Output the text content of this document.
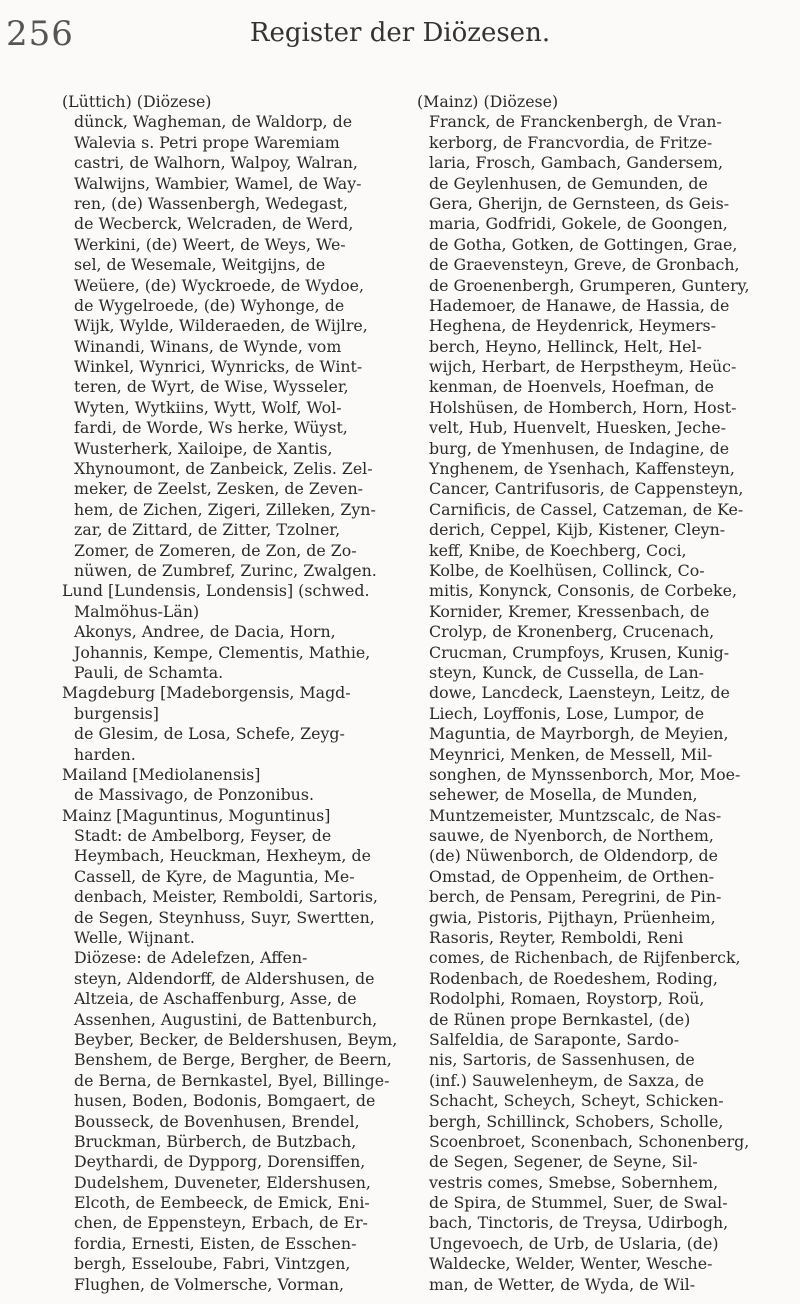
256	Register der Diözesen.
(Lüttich) (Diözese)
dünck, Wagheman, de Waldorp, de
Walevia s. Petri prope Waremiam
castri, de Walhorn, Walpoy, Walran,
Walwijns, Wambier, Wamel, de Way-
ren, (de) Wassenbergh, Wedegast,
de Wecberck, Welcraden, de Werd,
Werkini, (de) Weert, de Weys, We-
sel, de Wesemale, Weitgijns, de
Weüere, (de) Wyckroede, de Wydoe,
de Wygelroede, (de) Wyhonge, de
Wijk, Wylde, Wilderaeden, de Wijlre,
Winandi, Winans, de Wynde, vom
Winkel, Wynrici, Wynricks, de Wint-
teren, de Wyrt, de Wise, Wysseler,
Wyten, Wytkiins, Wytt, Wolf, Wol-
fardi, de Worde, Ws herke, Wüyst,
Wusterherk, Xailoipe, de Xantis,
Xhynoumont, de Zanbeick, Zelis. Zel-
meker, de Zeelst, Zesken, de Zeven-
hem, de Zichen, Zigeri, Zilleken, Zyn-
zar, de Zittard, de Zitter, Tzolner,
Zomer, de Zomeren, de Zon, de Zo-
nüwen, de Zumbref, Zurinc, Zwalgen.
Lund [Lundensis, Londensis] (schwed.
Malmöhus-Län)
Akonys, Andree, de Dacia, Horn,
Johannis, Kempe, Clementis, Mathie,
Pauli, de Schamta.
Magdeburg [Madeborgensis, Magd-
burgensis]
de Glesim, de Losa, Schefe, Zeyg-
harden.
Mailand [Mediolanensis]
de Massivago, de Ponzonibus.
Mainz [Maguntinus, Moguntinus]
Stadt: de Ambelborg, Feyser, de
Heymbach, Heuckman, Hexheym, de
Cassell, de Kyre, de Maguntia, Me-
denbach, Meister, Remboldi, Sartoris,
de Segen, Steynhuss, Suyr, Swertten,
Welle, Wijnant.
Diözese: de Adelefzen, Affen-
steyn, Aldendorff, de Aldershusen, de
Altzeia, de Aschaffenburg, Asse, de
Assenhen, Augustini, de Battenburch,
Beyber, Becker, de Beldershusen, Beym,
Benshem, de Berge, Bergher, de Beern,
de Berna, de Bernkastel, Byel, Billinge-
husen, Boden, Bodonis, Bomgaert, de
Bousseck, de Bovenhusen, Brendel,
Bruckman, Bürberch, de Butzbach,
Deythardi, de Dypporg, Dorensiffen,
Dudelshem, Duveneter, Eldershusen,
Elcoth, de Eembeeck, de Emick, Eni-
chen, de Eppensteyn, Erbach, de Er-
fordia, Ernesti, Eisten, de Esschen-
bergh, Esseloube, Fabri, Vintzgen,
Flughen, de Volmersche, Vorman,
(Mainz) (Diözese)
Franck, de Franckenbergh, de Vran-
kerborg, de Francvordia, de Fritze-
laria, Frosch, Gambach, Gandersem,
de Geylenhusen, de Gemunden, de
Gera, Gherijn, de Gernsteen, ds Geis-
maria, Godfridi, Gokele, de Goongen,
de Gotha, Gotken, de Gottingen, Grae,
de Graevensteyn, Greve, de Gronbach,
de Groenenbergh, Grumperen, Guntery,
Hademoer, de Hanawe, de Hassia, de
Heghena, de Heydenrick, Heymers-
berch, Heyno, Hellinck, Helt, Hel-
wijch, Herbart, de Herpstheym, Heüc-
kenman, de Hoenvels, Hoefman, de
Holshüsen, de Homberch, Horn, Host-
velt, Hub, Huenvelt, Huesken, Jeche-
burg, de Ymenhusen, de Indagine, de
Ynghenem, de Ysenhach, Kaffensteyn,
Cancer, Cantrifusoris, de Cappensteyn,
Carnificis, de Cassel, Catzeman, de Ke-
derich, Ceppel, Kijb, Kistener, Cleyn-
keff, Knibe, de Koechberg, Coci,
Kolbe, de Koelhüsen, Collinck, Co-
mitis, Konynck, Consonis, de Corbeke,
Kornider, Kremer, Kressenbach, de
Crolyp, de Kronenberg, Crucenach,
Crucman, Crumpfoys, Krusen, Kunig-
steyn, Kunck, de Cussella, de Lan-
dowe, Lancdeck, Laensteyn, Leitz, de
Liech, Loyffonis, Lose, Lumpor, de
Maguntia, de Mayrborgh, de Meyien,
Meynrici, Menken, de Messell, Mil-
songhen, de Mynssenborch, Mor, Moe-
sehewer, de Mosella, de Munden,
Muntzemeister, Muntzscalc, de Nas-
sauwe, de Nyenborch, de Northem,
(de) Nüwenborch, de Oldendorp, de
Omstad, de Oppenheim, de Orthen-
berch, de Pensam, Peregrini, de Pin-
gwia, Pistoris, Pijthayn, Prüenheim,
Rasoris, Reyter, Remboldi, Reni
comes, de Richenbach, de Rijfenberck,
Rodenbach, de Roedeshem, Roding,
Rodolphi, Romaen, Roystorp, Roü,
de Rünen prope Bernkastel, (de)
Salfeldia, de Saraponte, Sardo-
nis, Sartoris, de Sassenhusen, de
(inf.) Sauwelenheym, de Saxza, de
Schacht, Scheych, Scheyt, Schicken-
bergh, Schillinck, Schobers, Scholle,
Scoenbroet, Sconenbach, Schonenberg,
de Segen, Segener, de Seyne, Sil-
vestris comes, Smebse, Sobernhem,
de Spira, de Stummel, Suer, de Swal-
bach, Tinctoris, de Treysa, Udirbogh,
Ungevoech, de Urb, de Uslaria, (de)
Waldecke, Welder, Wenter, Wesche-
man, de Wetter, de Wyda, de Wil-
